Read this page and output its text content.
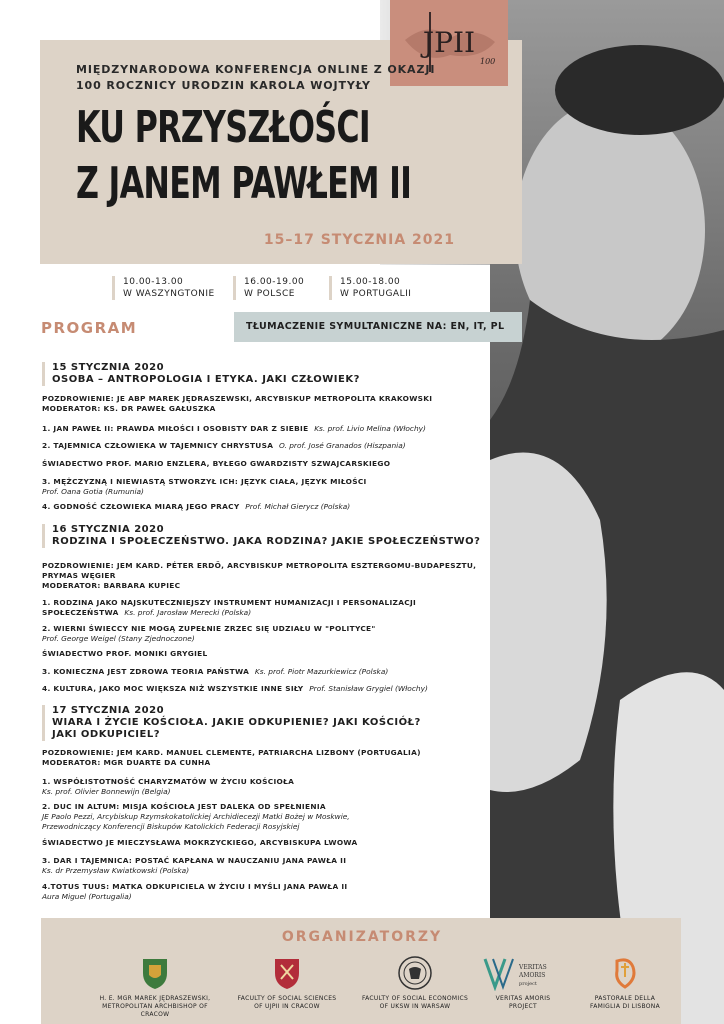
JPII
100
MIĘDZYNARODOWA KONFERENCJA ONLINE Z OKAZJI
100 ROCZNICY URODZIN KAROLA WOJTYŁY
KU PRZYSZŁOŚCI
Z JANEM PAWŁEM II
15–17 STYCZNIA 2021
10.00-13.00
W WASZYNGTONIE
16.00-19.00
W POLSCE
15.00-18.00
W PORTUGALII
PROGRAM	TŁUMACZENIE SYMULTANICZNE NA: EN, IT, PL
15 STYCZNIA 2020
OSOBA – ANTROPOLOGIA I ETYKA. JAKI CZŁOWIEK?
POZDROWIENIE: JE ABP MAREK JĘDRASZEWSKI, ARCYBISKUP METROPOLITA KRAKOWSKI
MODERATOR: KS. DR PAWEŁ GAŁUSZKA
1. JAN PAWEŁ II: PRAWDA MIŁOŚCI I OSOBISTY DAR Z SIEBIE Ks. prof. Livio Melina (Włochy)
2. TAJEMNICA CZŁOWIEKA W TAJEMNICY CHRYSTUSA O. prof. José Granados (Hiszpania)
ŚWIADECTWO PROF. MARIO ENZLERA, BYŁEGO GWARDZISTY SZWAJCARSKIEGO
3. MĘŻCZYZNĄ I NIEWIASTĄ STWORZYŁ ICH: JĘZYK CIAŁA, JĘZYK MIŁOŚCI
Prof. Oana Gotia (Rumunia)
4. GODNOŚĆ CZŁOWIEKA MIARĄ JEGO PRACY Prof. Michał Gierycz (Polska)
16 STYCZNIA 2020
RODZINA I SPOŁECZEŃSTWO. JAKA RODZINA? JAKIE SPOŁECZEŃSTWO?
POZDROWIENIE: JEM KARD. PÉTER ERDŐ, ARCYBISKUP METROPOLITA ESZTERGOMU-BUDAPESZTU,
PRYMAS WĘGIER
MODERATOR: BARBARA KUPIEC
1. RODZINA JAKO NAJSKUTECZNIEJSZY INSTRUMENT HUMANIZACJI I PERSONALIZACJI
SPOŁECZEŃSTWA Ks. prof. Jarosław Merecki (Polska)
2. WIERNI ŚWIECCY NIE MOGĄ ZUPEŁNIE ZRZEC SIĘ UDZIAŁU W "POLITYCE"
Prof. George Weigel (Stany Zjednoczone)
ŚWIADECTWO PROF. MONIKI GRYGIEL
3. KONIECZNA JEST ZDROWA TEORIA PAŃSTWA Ks. prof. Piotr Mazurkiewicz (Polska)
4. KULTURA, JAKO MOC WIĘKSZA NIŻ WSZYSTKIE INNE SIŁY Prof. Stanisław Grygiel (Włochy)
17 STYCZNIA 2020
WIARA I ŻYCIE KOŚCIOŁA. JAKIE ODKUPIENIE? JAKI KOŚCIÓŁ?
JAKI ODKUPICIEL?
POZDROWIENIE: JEM KARD. MANUEL CLEMENTE, PATRIARCHA LIZBONY (PORTUGALIA)
MODERATOR: MGR DUARTE DA CUNHA
1. WSPÓŁISTOTNOŚĆ CHARYZMATÓW W ŻYCIU KOŚCIOŁA
Ks. prof. Olivier Bonnewijn (Belgia)
2. DUC IN ALTUM: MISJA KOŚCIOŁA JEST DALEKA OD SPEŁNIENIA
JE Paolo Pezzi, Arcybiskup Rzymskokatolickiej Archidiecezji Matki Bożej w Moskwie,
Przewodniczący Konferencji Biskupów Katolickich Federacji Rosyjskiej
ŚWIADECTWO JE MIECZYSŁAWA MOKRZYCKIEGO, ARCYBISKUPA LWOWA
3. DAR I TAJEMNICA: POSTAĆ KAPŁANA W NAUCZANIU JANA PAWŁA II
Ks. dr Przemysław Kwiatkowski (Polska)
4.TOTUS TUUS: MATKA ODKUPICIELA W ŻYCIU I MYŚLI JANA PAWŁA II
Aura Miguel (Portugalia)
ORGANIZATORZY
H. E. MGR MAREK JĘDRASZEWSKI,
METROPOLITAN ARCHBISHOP OF CRACOW
FACULTY OF SOCIAL SCIENCES
OF UJPII IN CRACOW
FACULTY OF SOCIAL ECONOMICS
OF UKSW IN WARSAW
VERITAS
AMORIS
project
VERITAS AMORIS
PROJECT
PASTORALE DELLA
FAMIGLIA DI LISBONA
